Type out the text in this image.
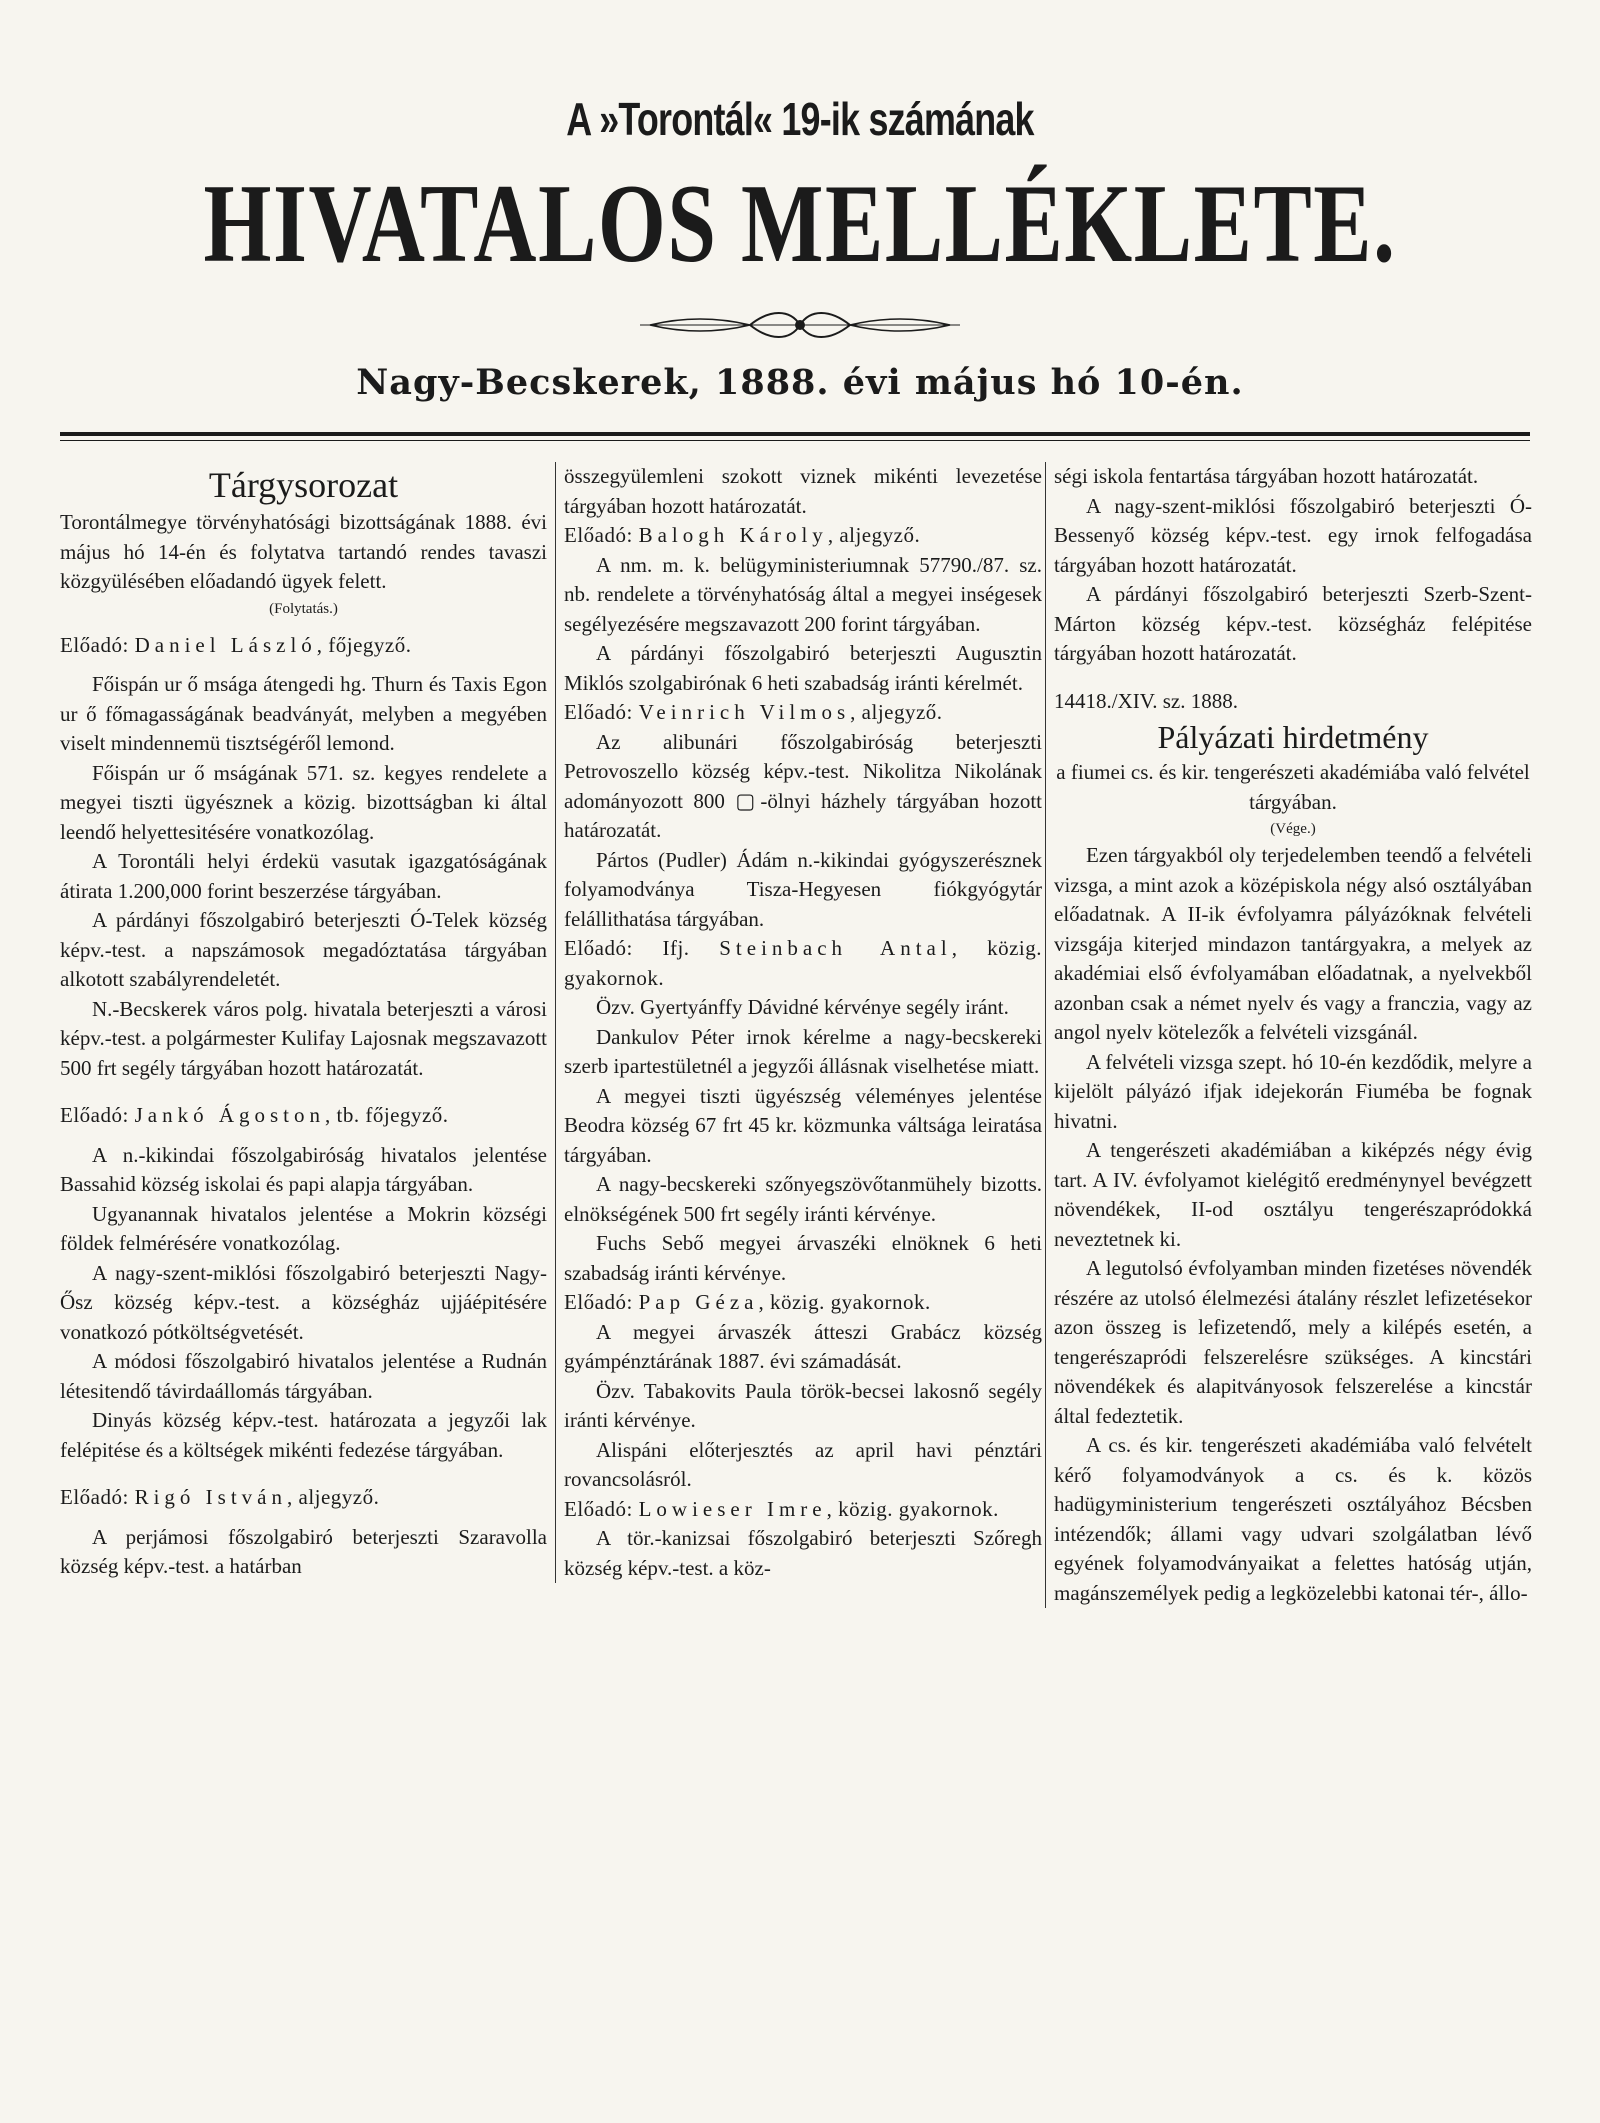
A »Torontál« 19-ik számának
HIVATALOS MELLÉKLETE.
Nagy-Becskerek, 1888. évi május hó 10-én.

Tárgysorozat

Torontálmegye törvényhatósági bizottságának 1888. évi május hó 14-én és folytatva tartandó rendes tavaszi közgyülésében előadandó ügyek felett.

(Folytatás.)

Előadó: Daniel László, főjegyző.

Főispán ur ő msága átengedi hg. Thurn és Taxis Egon ur ő főmagasságának beadványát, melyben a megyében viselt mindennemü tisztségéről lemond.

Főispán ur ő mságának 571. sz. kegyes rendelete a megyei tiszti ügyésznek a közig. bizottságban ki által leendő helyettesitésére vonatkozólag.

A Torontáli helyi érdekü vasutak igazgatóságának átirata 1.200,000 forint beszerzése tárgyában.

A párdányi főszolgabiró beterjeszti Ó-Telek község képv.-test. a napszámosok megadóztatása tárgyában alkotott szabályrendeletét.

N.-Becskerek város polg. hivatala beterjeszti a városi képv.-test. a polgármester Kulifay Lajosnak megszavazott 500 frt segély tárgyában hozott határozatát.

Előadó: Jankó Ágoston, tb. főjegyző.

A n.-kikindai főszolgabiróság hivatalos jelentése Bassahid község iskolai és papi alapja tárgyában.

Ugyanannak hivatalos jelentése a Mokrin községi földek felmérésére vonatkozólag.

A nagy-szent-miklósi főszolgabiró beterjeszti Nagy-Ősz község képv.-test. a községház ujjáépitésére vonatkozó pótköltségvetését.

A módosi főszolgabiró hivatalos jelentése a Rudnán létesitendő távirdaállomás tárgyában.

Dinyás község képv.-test. határozata a jegyzői lak felépitése és a költségek mikénti fedezése tárgyában.

Előadó: Rigó István, aljegyző.

A perjámosi főszolgabiró beterjeszti Szaravolla község képv.-test. a határban

összegyülemleni szokott viznek mikénti levezetése tárgyában hozott határozatát.

Előadó: Balogh Károly, aljegyző.

A nm. m. k. belügyministeriumnak 57790./87. sz. nb. rendelete a törvényhatóság által a megyei inségesek segélyezésére megszavazott 200 forint tárgyában.

A párdányi főszolgabiró beterjeszti Augusztin Miklós szolgabirónak 6 heti szabadság iránti kérelmét.

Előadó: Veinrich Vilmos, aljegyző.

Az alibunári főszolgabiróság beterjeszti Petrovoszello község képv.-test. Nikolitza Nikolának adományozott 800 ▢-ölnyi házhely tárgyában hozott határozatát.

Pártos (Pudler) Ádám n.-kikindai gyógyszerésznek folyamodványa Tisza-Hegyesen fiókgyógytár felállithatása tárgyában.

Előadó: Ifj. Steinbach Antal, közig. gyakornok.

Özv. Gyertyánffy Dávidné kérvénye segély iránt.

Dankulov Péter irnok kérelme a nagy-becskereki szerb ipartestületnél a jegyzői állásnak viselhetése miatt.

A megyei tiszti ügyészség véleményes jelentése Beodra község 67 frt 45 kr. közmunka váltsága leiratása tárgyában.

A nagy-becskereki szőnyegszövőtanmühely bizotts. elnökségének 500 frt segély iránti kérvénye.

Fuchs Sebő megyei árvaszéki elnöknek 6 heti szabadság iránti kérvénye.

Előadó: Pap Géza, közig. gyakornok.

A megyei árvaszék átteszi Grabácz község gyámpénztárának 1887. évi számadását.

Özv. Tabakovits Paula török-becsei lakosnő segély iránti kérvénye.

Alispáni előterjesztés az april havi pénztári rovancsolásról.

Előadó: Lowieser Imre, közig. gyakornok.

A tör.-kanizsai főszolgabiró beterjeszti Szőregh község képv.-test. a köz-

ségi iskola fentartása tárgyában hozott határozatát.

A nagy-szent-miklósi főszolgabiró beterjeszti Ó-Bessenyő község képv.-test. egy irnok felfogadása tárgyában hozott határozatát.

A párdányi főszolgabiró beterjeszti Szerb-Szent-Márton község képv.-test. községház felépitése tárgyában hozott határozatát.

14418./XIV. sz. 1888.

Pályázati hirdetmény

a fiumei cs. és kir. tengerészeti akadémiába való felvétel tárgyában.

(Vége.)

Ezen tárgyakból oly terjedelemben teendő a felvételi vizsga, a mint azok a középiskola négy alsó osztályában előadatnak. A II-ik évfolyamra pályázóknak felvételi vizsgája kiterjed mindazon tantárgyakra, a melyek az akadémiai első évfolyamában előadatnak, a nyelvekből azonban csak a német nyelv és vagy a franczia, vagy az angol nyelv kötelezők a felvételi vizsgánál.

A felvételi vizsga szept. hó 10-én kezdődik, melyre a kijelölt pályázó ifjak idejekorán Fiuméba be fognak hivatni.

A tengerészeti akadémiában a kiképzés négy évig tart. A IV. évfolyamot kielégitő eredménynyel bevégzett növendékek, II-od osztályu tengerészapródokká neveztetnek ki.

A legutolsó évfolyamban minden fizetéses növendék részére az utolsó élelmezési átalány részlet lefizetésekor azon összeg is lefizetendő, mely a kilépés esetén, a tengerészapródi felszerelésre szükséges. A kincstári növendékek és alapitványosok felszerelése a kincstár által fedeztetik.

A cs. és kir. tengerészeti akadémiába való felvételt kérő folyamodványok a cs. és k. közös hadügyministerium tengerészeti osztályához Bécsben intézendők; állami vagy udvari szolgálatban lévő egyének folyamodványaikat a felettes hatóság utján, magánszemélyek pedig a legközelebbi katonai tér-, állo-
